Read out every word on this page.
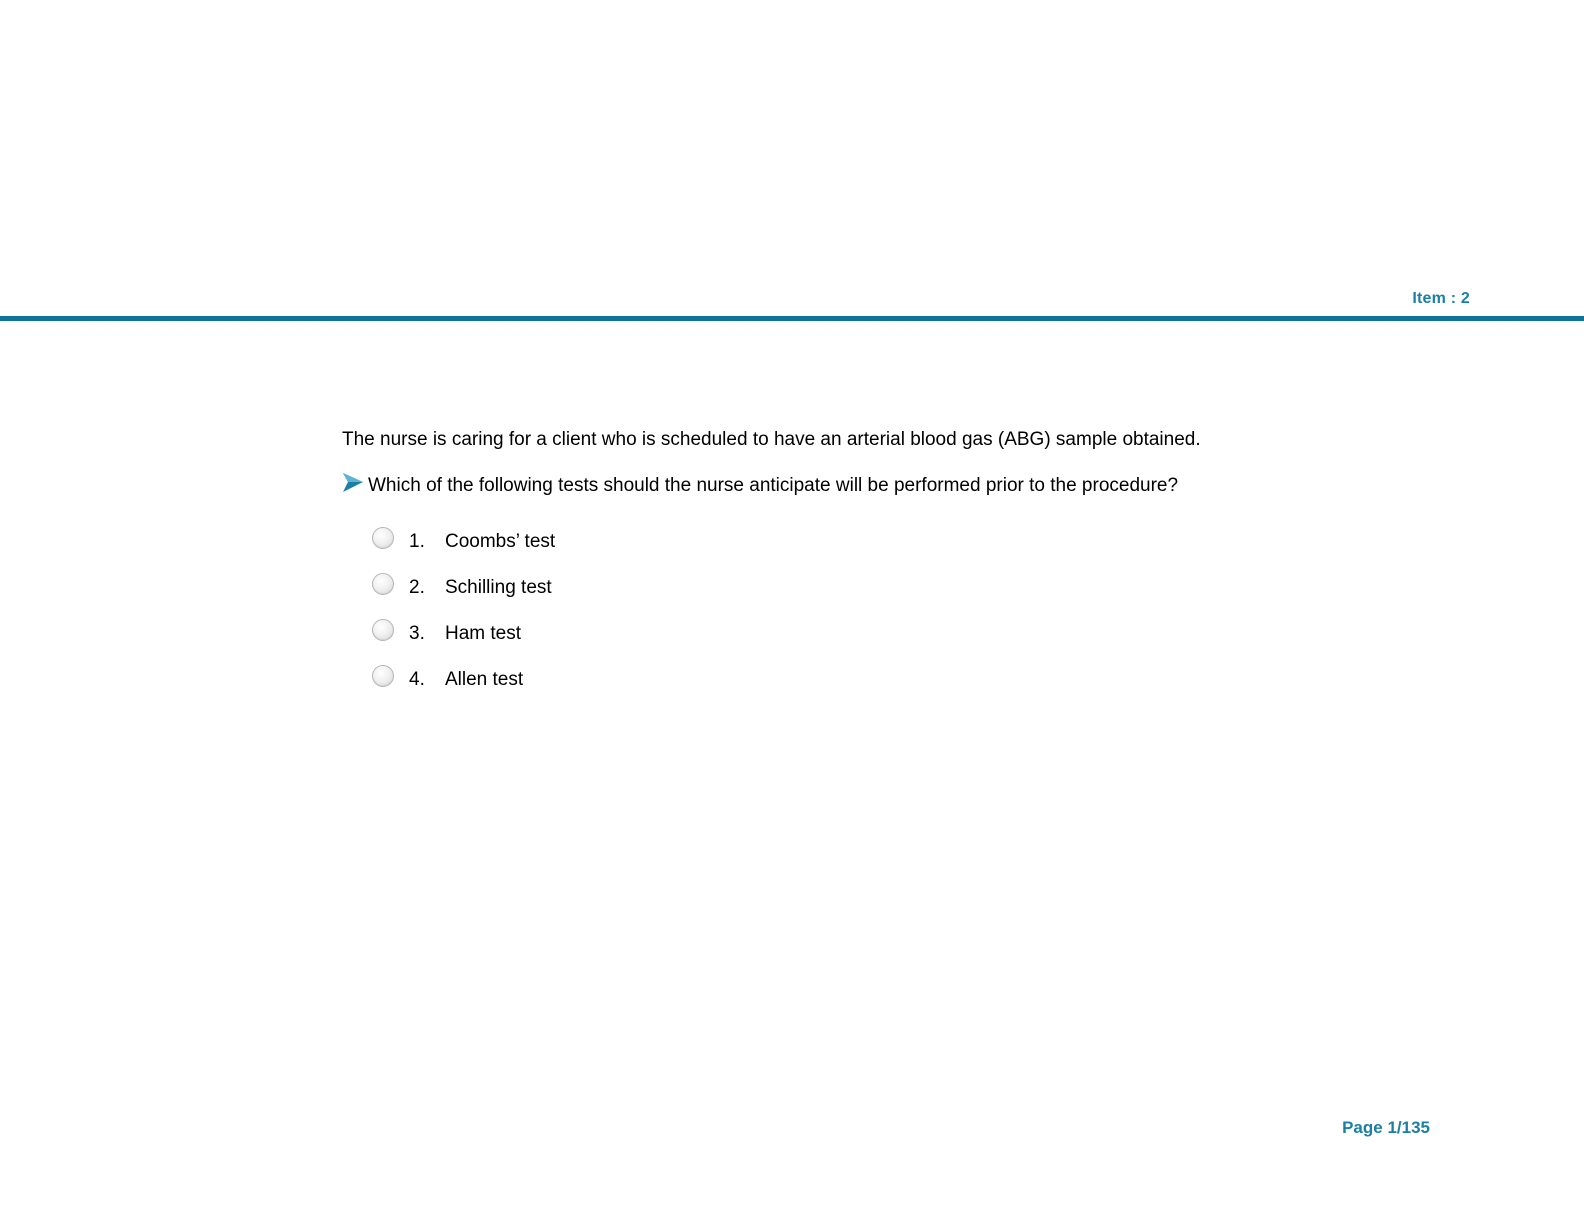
Item : 2

The nurse is caring for a client who is scheduled to have an arterial blood gas (ABG) sample obtained.

Which of the following tests should the nurse anticipate will be performed prior to the procedure?
1.	Coombs’ test
2.	Schilling test
3.	Ham test
4.	Allen test
Page 1/135
